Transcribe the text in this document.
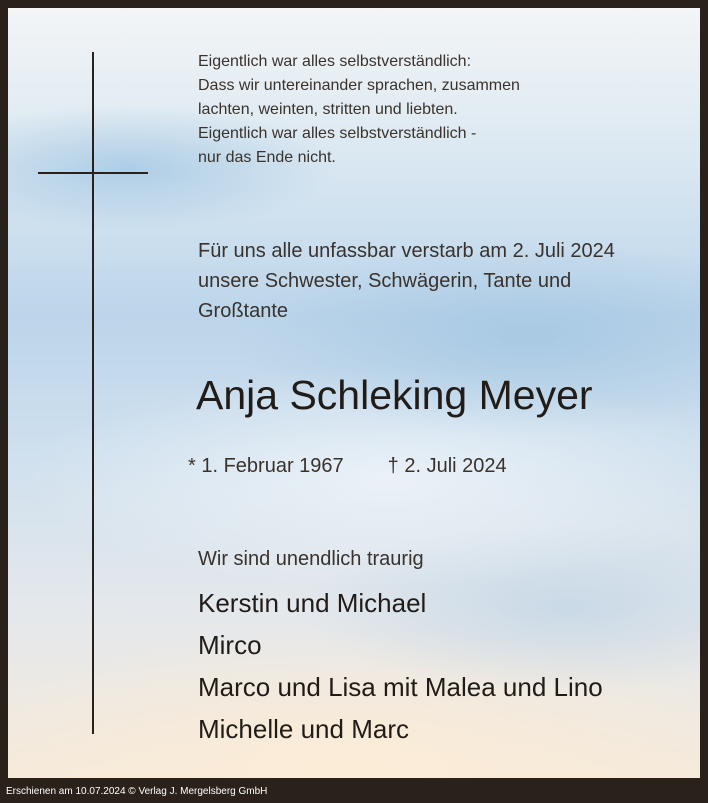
Eigentlich war alles selbstverständlich:
Dass wir untereinander sprachen, zusammen
lachten, weinten, stritten und liebten.
Eigentlich war alles selbstverständlich -
nur das Ende nicht.
Für uns alle unfassbar verstarb am 2. Juli 2024
unsere Schwester, Schwägerin, Tante und
Großtante
Anja Schleking Meyer
* 1. Februar 1967 † 2. Juli 2024
Wir sind unendlich traurig
Kerstin und Michael
Mirco
Marco und Lisa mit Malea und Lino
Michelle und Marc
Erschienen am 10.07.2024 © Verlag J. Mergelsberg GmbH
